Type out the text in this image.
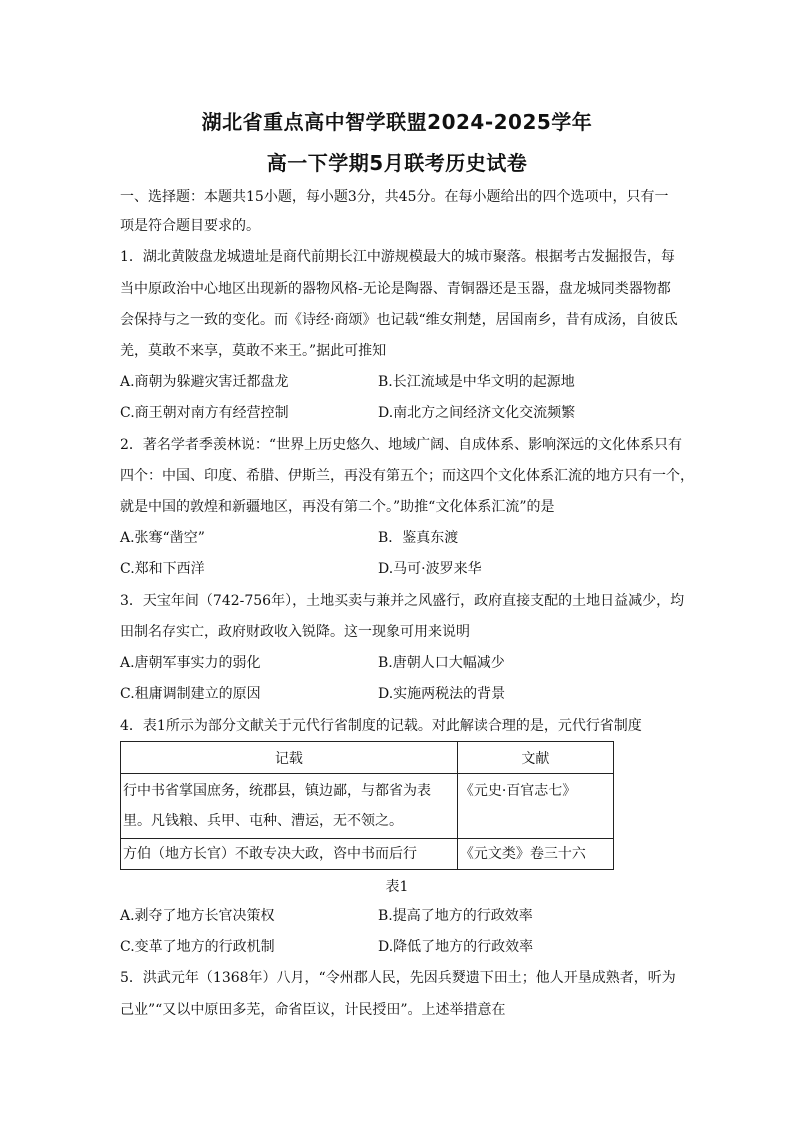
湖北省重点高中智学联盟2024-2025学年
高一下学期5月联考历史试卷
一、选择题：本题共15小题，每小题3分，共45分。在每小题给出的四个选项中，只有一
项是符合题目要求的。
1．湖北黄陂盘龙城遗址是商代前期长江中游规模最大的城市聚落。根据考古发掘报告，每
当中原政治中心地区出现新的器物风格-无论是陶器、青铜器还是玉器，盘龙城同类器物都
会保持与之一致的变化。而《诗经·商颂》也记载“维女荆楚，居国南乡，昔有成汤，自彼氐
羌，莫敢不来享，莫敢不来王。”据此可推知
A.商朝为躲避灾害迁都盘龙	B.长江流域是中华文明的起源地
C.商王朝对南方有经营控制	D.南北方之间经济文化交流频繁
2．著名学者季羡林说：“世界上历史悠久、地域广阔、自成体系、影响深远的文化体系只有
四个：中国、印度、希腊、伊斯兰，再没有第五个；而这四个文化体系汇流的地方只有一个，
就是中国的敦煌和新疆地区，再没有第二个。”助推“文化体系汇流”的是
A.张骞“凿空”	B．鉴真东渡
C.郑和下西洋	D.马可·波罗来华
3．天宝年间（742-756年），土地买卖与兼并之风盛行，政府直接支配的土地日益减少，均
田制名存实亡，政府财政收入锐降。这一现象可用来说明
A.唐朝军事实力的弱化	B.唐朝人口大幅减少
C.租庸调制建立的原因	D.实施两税法的背景
4．表1所示为部分文献关于元代行省制度的记载。对此解读合理的是，元代行省制度
记载	文献

行中书省掌国庶务，统郡县，镇边鄙，与都省为表
里。凡钱粮、兵甲、屯种、漕运，无不领之。	《元史·百官志七》
方伯（地方长官）不敢专决大政，咨中书而后行	《元文类》卷三十六
表1
A.剥夺了地方长官决策权	B.提高了地方的行政效率
C.变革了地方的行政机制	D.降低了地方的行政效率
5．洪武元年（1368年）八月，“令州郡人民，先因兵燹遗下田土；他人开垦成熟者，听为
己业”“又以中原田多芜，命省臣议，计民授田”。上述举措意在
